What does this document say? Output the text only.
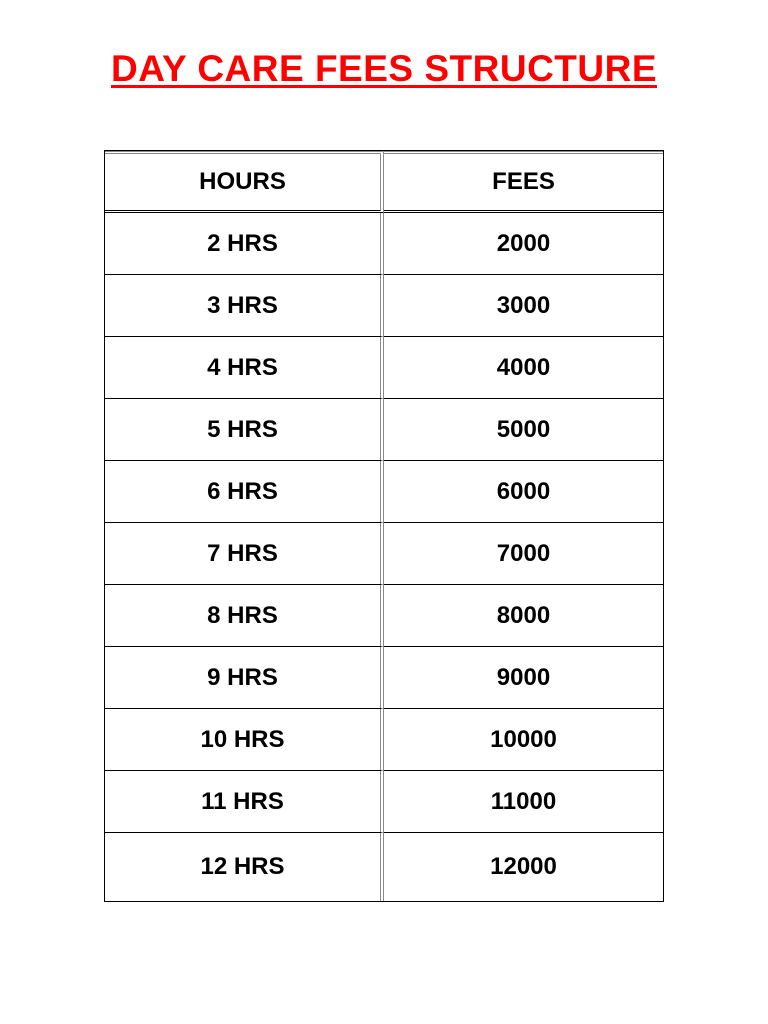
DAY CARE FEES STRUCTURE
HOURS	FEES
2 HRS	2000
3 HRS	3000
4 HRS	4000
5 HRS	5000
6 HRS	6000
7 HRS	7000
8 HRS	8000
9 HRS	9000
10 HRS	10000
11 HRS	11000
12 HRS	12000
